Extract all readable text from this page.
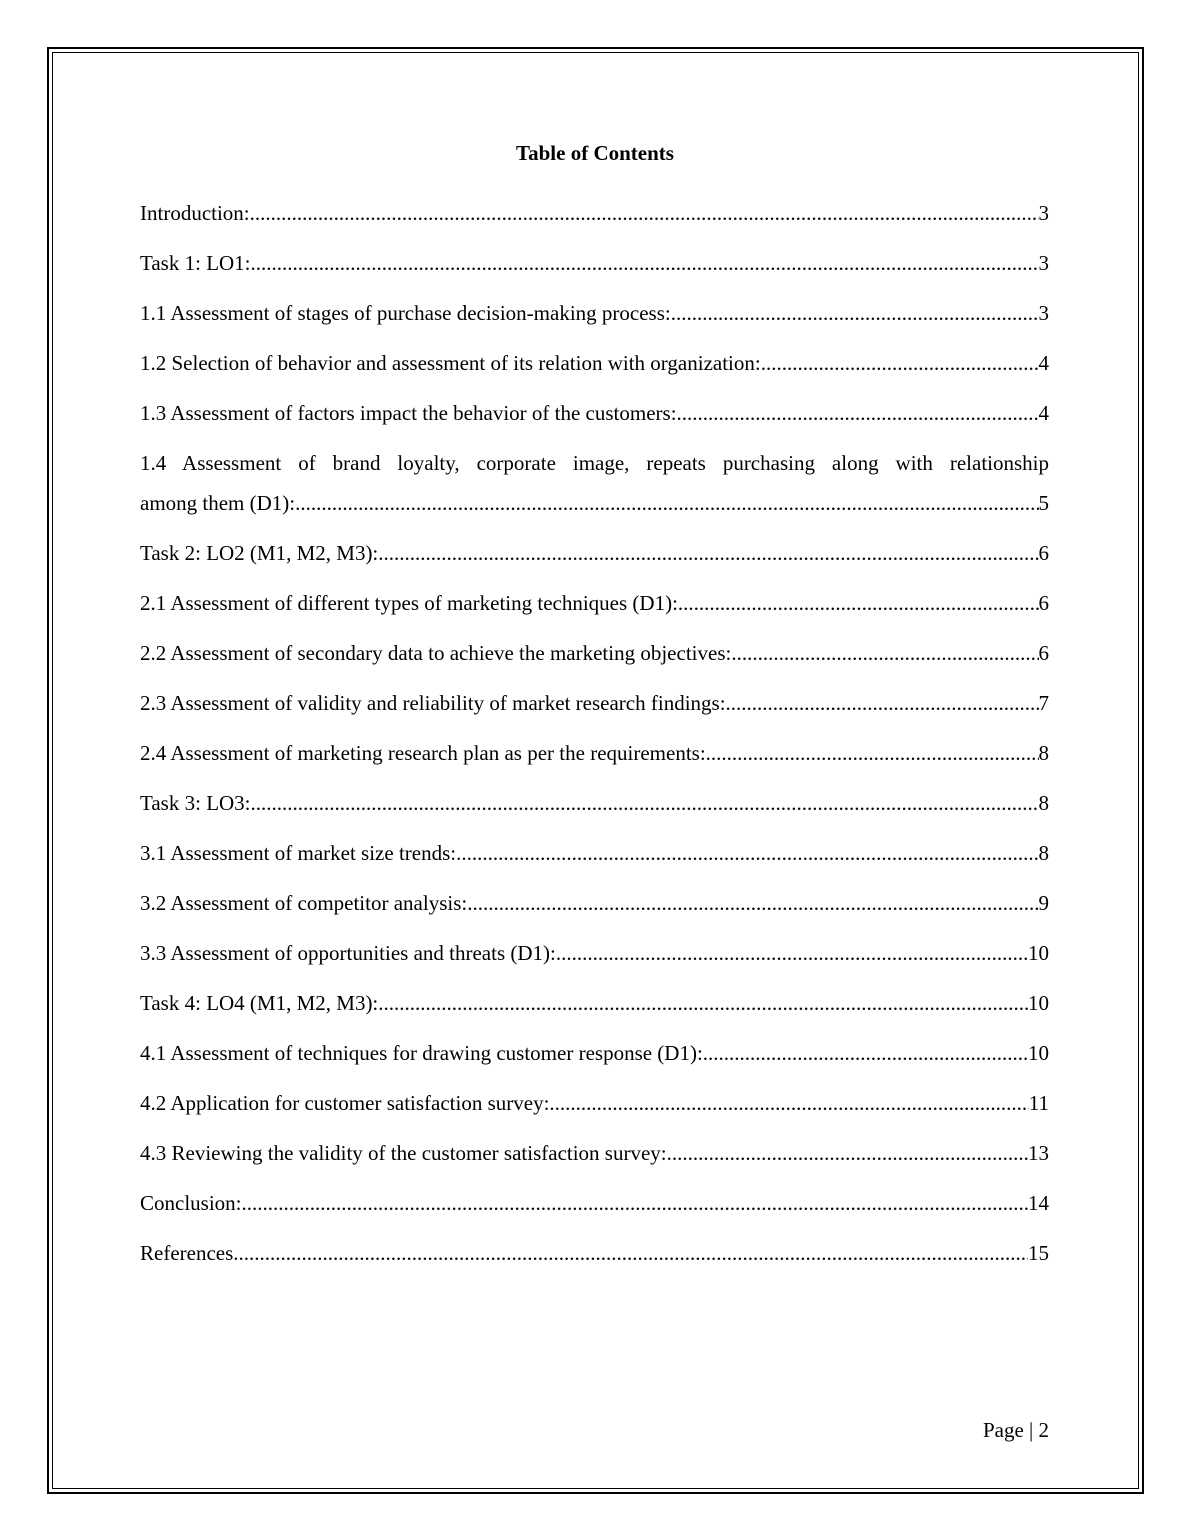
Table of Contents
Introduction: .....	3
Task 1: LO1: .....	3
1.1 Assessment of stages of purchase decision-making process: .....	3
1.2 Selection of behavior and assessment of its relation with organization: .....	4
1.3 Assessment of factors impact the behavior of the customers: .....	4
1.4 Assessment of brand loyalty, corporate image, repeats purchasing along with relationship
among them (D1): .....	5
Task 2: LO2 (M1, M2, M3): .....	6
2.1 Assessment of different types of marketing techniques (D1): .....	6
2.2 Assessment of secondary data to achieve the marketing objectives: .....	6
2.3 Assessment of validity and reliability of market research findings: .....	7
2.4 Assessment of marketing research plan as per the requirements: .....	8
Task 3: LO3: .....	8
3.1 Assessment of market size trends: .....	8
3.2 Assessment of competitor analysis: .....	9
3.3 Assessment of opportunities and threats (D1): .....	10
Task 4: LO4 (M1, M2, M3): .....	10
4.1 Assessment of techniques for drawing customer response (D1): .....	10
4.2 Application for customer satisfaction survey: .....	11
4.3 Reviewing the validity of the customer satisfaction survey: .....	13
Conclusion: .....	14
References .....	15
Page | 2
